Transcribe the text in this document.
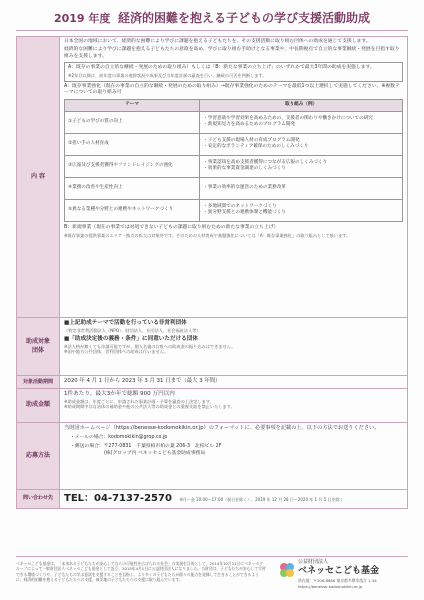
2019 年度 経済的困難を抱える子どもの学び支援活動助成
内 容	
日本全国の地域において、経済的な困難により学びに課題を抱える子どもたちを、その支援活動に取り組む団体への助成を通じて支援します。
経済的な困難により学びに課題を抱える子どもたちの意欲を高め、学びに取り組む手助けとなる事業や、中長期視点で自立的な事業継続・発展を目指す取り組みを支援します。
A：既存の事業の自立的な継続・発展のための取り組み）もしくは「B：新たな事業の立ち上げ」のいずれかで最大3年間の助成を実施します。
※2年目以降は、前年度の事業の進捗状況や成果及び当年度計画の審査を行い、継続の可否を判断します。
A：既存事業強化（現在の事業の自立的な継続・発展のための取り組み）→既存事業強化のためのテーマを最低1つ以上選択して実施してください。※複数テーマについての取り組み可
テーマ	取り組み（例）
①子どもの学びの質の向上	・学習意欲や学習効果を高めるための、支援者の関わりや働きかけについての研究
・新規知見力を高めるためのプログラム開発
②担い手の人材育成	・子ども支援の現場人材の育成プログラム開発
・安定的なボランティア確保のためのしくみづくり
③広報及び支援者獲得やファンドレイジングの強化	・事業認知を高め支援者獲得につながる広報のしくみづくり
・効果的な事業資金調達のしくみづくり
④業務の改善や生産性向上	・事業の効率的な運営のための業務改革
⑤異なる業種や分野との連携やネットワークづくり	・多地域間でのネットワークづくり
・異分野支援との連携体制と機能づくり
B：新規事業（現在の事業では対処できない子どもの課題に取り組むための新たな事業の立ち上げ）
※既存事業の提供事業のエリア・拠点の拡大は対象外です。そのための人材育成や基盤強化については「A：既存事業強化」の取り組みとして扱います。

助成対象
団体	
■上記助成テーマで活動を行っている非営利団体
（特定非営利活動法人（NPO）、財団法人、社団法人、社会福祉法人等）
■「助成決定後の義務・条件」に同意いただける団体
※法人格が無くても申請可能ですが、個人名義の口座への助成金の振り込みはできません。
※国や地方公共団体、営利団体への助成は行いません。

対象活動期間	2020 年 4 月 1 日から 2023 年 3 月 31 日まで（最大 3 年間）
助成金額	
1件あたり、最大3か年で総額 900 万円以内
※助成金額は、年度ごとに、申請された事業計画・予算を審査の上決定します。
※助成期間中は自治体の補助金や他の公共法人等の助成金との重複支給を禁止いたします。

応募方法	
当財団ホームページ（https://benesse-kodomokikin.or.jp）のフォーマットに、必要事項を記載の上、以下の方法でお送りください。
・メールの場合：kodomokikin@grop.co.jp
・郵送の場合：〒277-0831　千葉県柏市柏の葉 206-3　北柏ビル 2F
(株)グロップ内 ベネッセこども基金助成事務局

問い合わせ先	TEL：04-7137-2570 ※月～金 10:00～17:00（祝日を除く）、2019 年 12 月 28 日～2020 年 1 月 5 日を除く
ベネッセこども基金は、「未来ある子どもたちが安心して自らの可能性を広げられる社会」の実現を目的として、2014年10月31日にベネッセグループによって一般財団法人ベネッセこども基金として設立、2015年4月1日に公益財団法人になりました。当財団は、子どもたちが安心して学習できる環境づくりや、子どもたちの学ぶ意欲を支援することを目指し、より多くの子どもたちが個々の能力を発揮して生きることができるように、経済的困難を抱える子どもたちへの支援、被災地の子どもたちへの支援に取り組んでいます。
公益財団法人
ベネッセこども基金
所在地：〒206-8686 東京都多摩市落合 1-34
https://benesse-kodomokikin.or.jp
